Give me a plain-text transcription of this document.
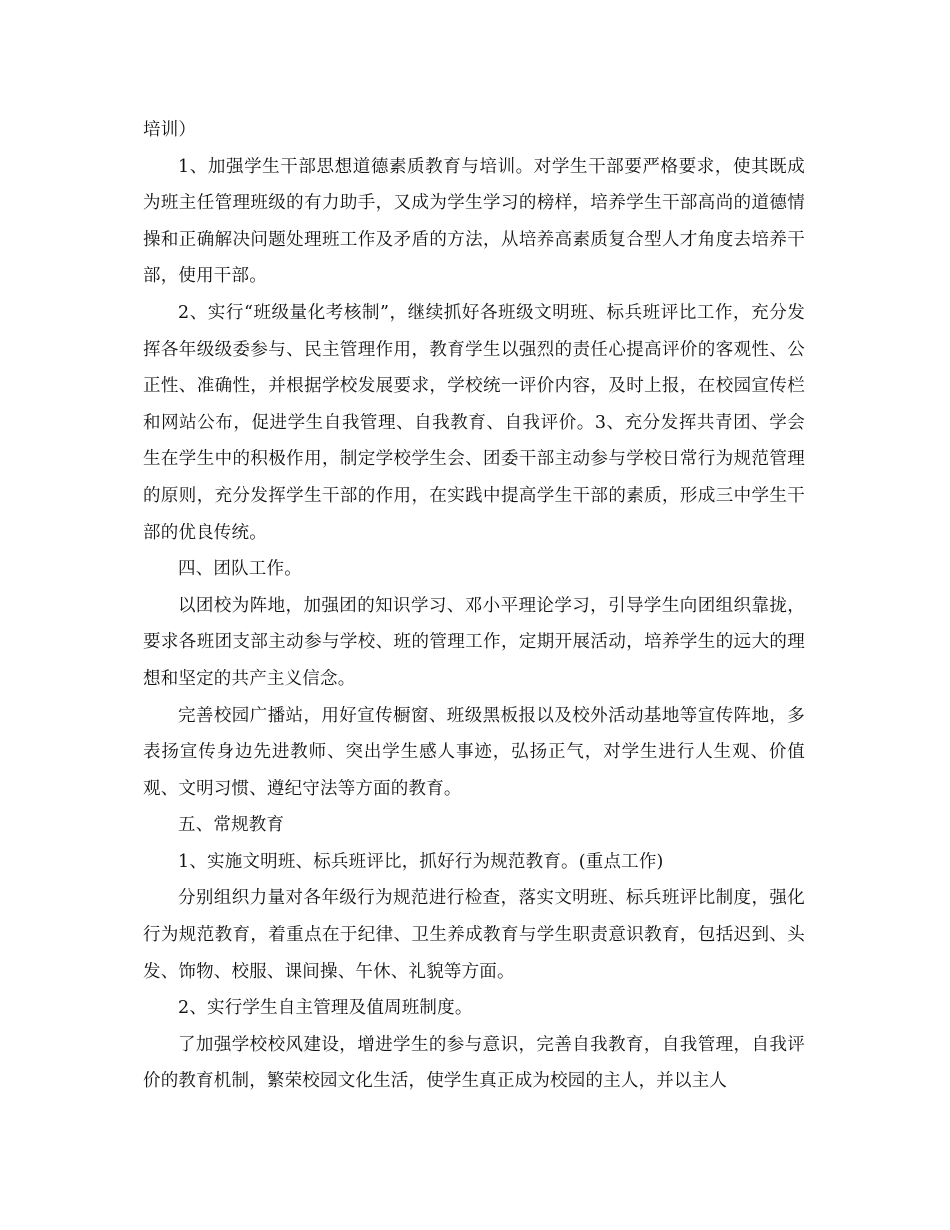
培训）

1、加强学生干部思想道德素质教育与培训。对学生干部要严格要求，使其既成为班主任管理班级的有力助手，又成为学生学习的榜样，培养学生干部高尚的道德情操和正确解决问题处理班工作及矛盾的方法，从培养高素质复合型人才角度去培养干部，使用干部。

2、实行“班级量化考核制”，继续抓好各班级文明班、标兵班评比工作，充分发挥各年级级委参与、民主管理作用，教育学生以强烈的责任心提高评价的客观性、公正性、准确性，并根据学校发展要求，学校统一评价内容，及时上报，在校园宣传栏和网站公布，促进学生自我管理、自我教育、自我评价。3、充分发挥共青团、学会生在学生中的积极作用，制定学校学生会、团委干部主动参与学校日常行为规范管理的原则，充分发挥学生干部的作用，在实践中提高学生干部的素质，形成三中学生干部的优良传统。

四、团队工作。

以团校为阵地，加强团的知识学习、邓小平理论学习，引导学生向团组织靠拢，要求各班团支部主动参与学校、班的管理工作，定期开展活动，培养学生的远大的理想和坚定的共产主义信念。

完善校园广播站，用好宣传橱窗、班级黑板报以及校外活动基地等宣传阵地，多表扬宣传身边先进教师、突出学生感人事迹，弘扬正气，对学生进行人生观、价值观、文明习惯、遵纪守法等方面的教育。

五、常规教育

1、实施文明班、标兵班评比，抓好行为规范教育。(重点工作)

分别组织力量对各年级行为规范进行检查，落实文明班、标兵班评比制度，强化行为规范教育，着重点在于纪律、卫生养成教育与学生职责意识教育，包括迟到、头发、饰物、校服、课间操、午休、礼貌等方面。

2、实行学生自主管理及值周班制度。

了加强学校校风建设，增进学生的参与意识，完善自我教育，自我管理，自我评价的教育机制，繁荣校园文化生活，使学生真正成为校园的主人，并以主人
